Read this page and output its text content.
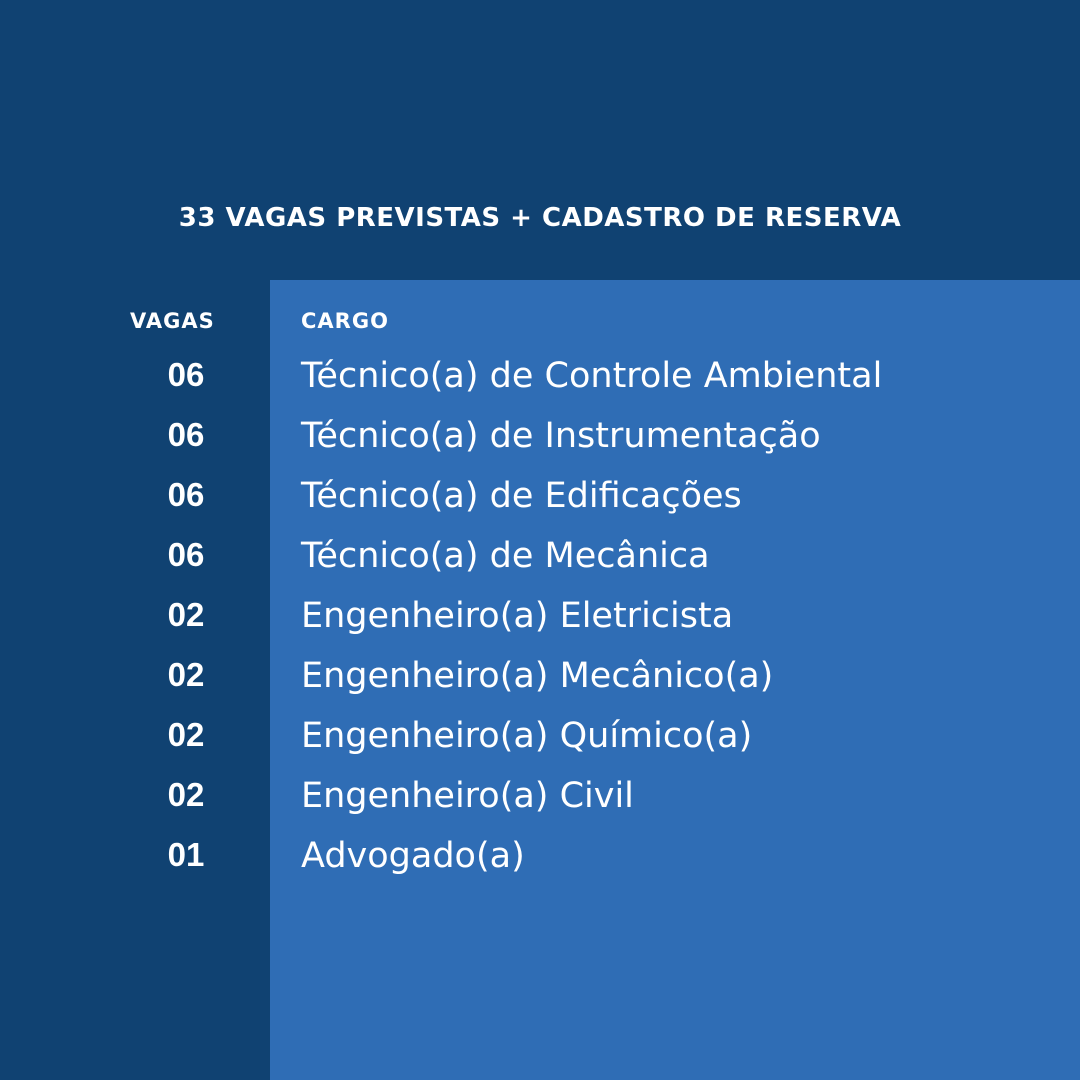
33 VAGAS PREVISTAS + CADASTRO DE RESERVA
VAGAS	CARGO
06	Técnico(a) de Controle Ambiental
06	Técnico(a) de Instrumentação
06	Técnico(a) de Edificações
06	Técnico(a) de Mecânica
02	Engenheiro(a) Eletricista
02	Engenheiro(a) Mecânico(a)
02	Engenheiro(a) Químico(a)
02	Engenheiro(a) Civil
01	Advogado(a)
